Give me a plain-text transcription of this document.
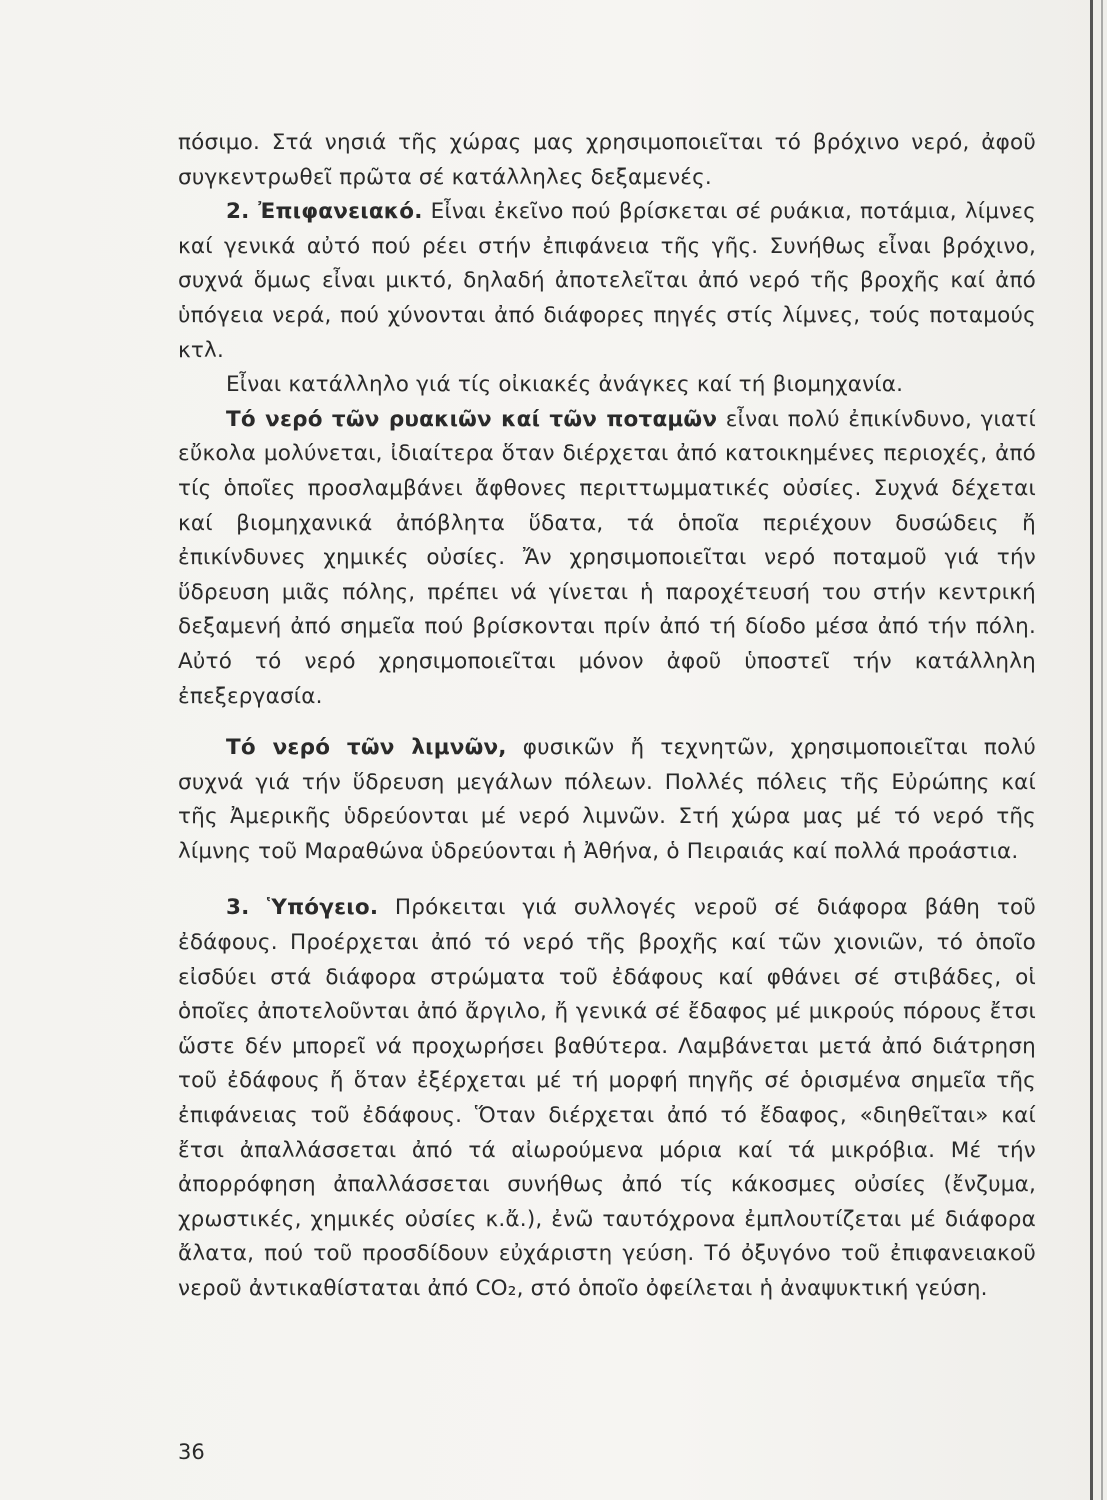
πόσιμο. Στά νησιά τῆς χώρας μας χρησιμοποιεῖται τό βρόχινο νερό, ἀφοῦ συγκεντρωθεῖ πρῶτα σέ κατάλληλες δεξαμενές.

2. Ἐπιφανειακό. Εἶναι ἐκεῖνο πού βρίσκεται σέ ρυάκια, ποτάμια, λίμνες καί γενικά αὐτό πού ρέει στήν ἐπιφάνεια τῆς γῆς. Συνήθως εἶναι βρόχινο, συχνά ὅμως εἶναι μικτό, δηλαδή ἀποτελεῖται ἀπό νερό τῆς βροχῆς καί ἀπό ὑπόγεια νερά, πού χύνονται ἀπό διάφορες πηγές στίς λίμνες, τούς ποταμούς κτλ.

Εἶναι κατάλληλο γιά τίς οἰκιακές ἀνάγκες καί τή βιομηχανία.

Τό νερό τῶν ρυακιῶν καί τῶν ποταμῶν εἶναι πολύ ἐπικίνδυνο, γιατί εὔκολα μολύνεται, ἰδιαίτερα ὅταν διέρχεται ἀπό κατοικημένες περιοχές, ἀπό τίς ὁποῖες προσλαμβάνει ἄφθονες περιττωμματικές οὐσίες. Συχνά δέχεται καί βιομηχανικά ἀπόβλητα ὕδατα, τά ὁποῖα περιέχουν δυσώδεις ἤ ἐπικίνδυνες χημικές οὐσίες. Ἄν χρησιμοποιεῖται νερό ποταμοῦ γιά τήν ὕδρευση μιᾶς πόλης, πρέπει νά γίνεται ἡ παροχέτευσή του στήν κεντρική δεξαμενή ἀπό σημεῖα πού βρίσκονται πρίν ἀπό τή δίοδο μέσα ἀπό τήν πόλη. Αὐτό τό νερό χρησιμοποιεῖται μόνον ἀφοῦ ὑποστεῖ τήν κατάλληλη ἐπεξεργασία.

Τό νερό τῶν λιμνῶν, φυσικῶν ἤ τεχνητῶν, χρησιμοποιεῖται πολύ συχνά γιά τήν ὕδρευση μεγάλων πόλεων. Πολλές πόλεις τῆς Εὐρώπης καί τῆς Ἀμερικῆς ὑδρεύονται μέ νερό λιμνῶν. Στή χώρα μας μέ τό νερό τῆς λίμνης τοῦ Μαραθώνα ὑδρεύονται ἡ Ἀθήνα, ὁ Πειραιάς καί πολλά προάστια.

3. Ὑπόγειο. Πρόκειται γιά συλλογές νεροῦ σέ διάφορα βάθη τοῦ ἐδάφους. Προέρχεται ἀπό τό νερό τῆς βροχῆς καί τῶν χιονιῶν, τό ὁποῖο εἰσδύει στά διάφορα στρώματα τοῦ ἐδάφους καί φθάνει σέ στιβάδες, οἱ ὁποῖες ἀποτελοῦνται ἀπό ἄργιλο, ἤ γενικά σέ ἔδαφος μέ μικρούς πόρους ἔτσι ὥστε δέν μπορεῖ νά προχωρήσει βαθύτερα. Λαμβάνεται μετά ἀπό διάτρηση τοῦ ἐδάφους ἤ ὅταν ἐξέρχεται μέ τή μορφή πηγῆς σέ ὁρισμένα σημεῖα τῆς ἐπιφάνειας τοῦ ἐδάφους. Ὅταν διέρχεται ἀπό τό ἔδαφος, «διηθεῖται» καί ἔτσι ἀπαλλάσσεται ἀπό τά αἰωρούμενα μόρια καί τά μικρόβια. Μέ τήν ἀπορρόφηση ἀπαλλάσσεται συνήθως ἀπό τίς κάκοσμες οὐσίες (ἔνζυμα, χρωστικές, χημικές οὐσίες κ.ἄ.), ἐνῶ ταυτόχρονα ἐμπλουτίζεται μέ διάφορα ἄλατα, πού τοῦ προσδίδουν εὐχάριστη γεύση. Τό ὀξυγόνο τοῦ ἐπιφανειακοῦ νεροῦ ἀντικαθίσταται ἀπό CO₂, στό ὁποῖο ὀφείλεται ἡ ἀναψυκτική γεύση.

36
